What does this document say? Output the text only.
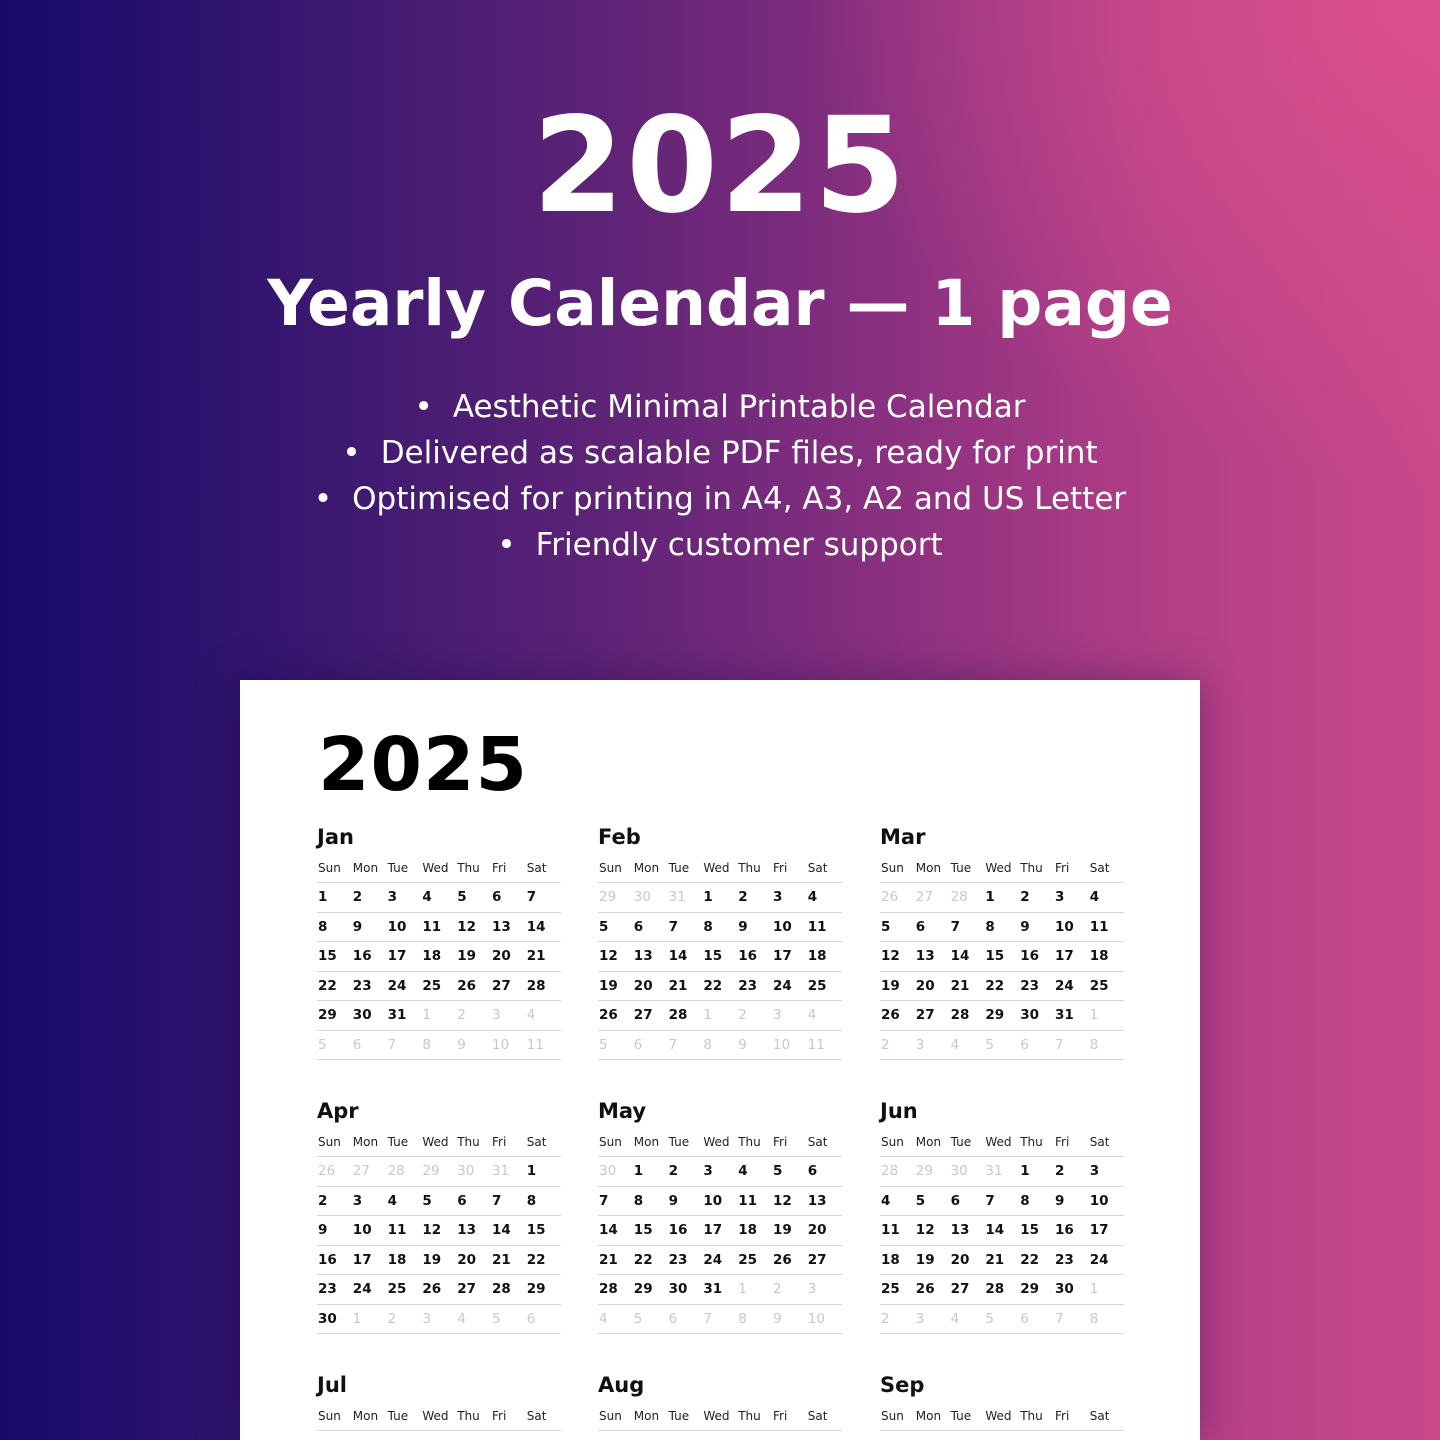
2025
Yearly Calendar — 1 page
• Aesthetic Minimal Printable Calendar
• Delivered as scalable PDF files, ready for print
• Optimised for printing in A4, A3, A2 and US Letter
• Friendly customer support
2025
Jan
Sun Mon Tue	Wed Thu	Fri	Sat
1	2	3	4	5	6	7
8	9	10	11	12	13	14
15	16	17	18	19	20	21
22	23	24	25	26	27	28
29	30	31	1	2	3	4
5	6	7	8	9	10	11
Feb
Sun Mon Tue	Wed Thu	Fri	Sat
29	30	31	1	2	3	4
5	6	7	8	9	10	11
12	13	14	15	16	17	18
19	20	21	22	23	24	25
26	27	28	1	2	3	4
5	6	7	8	9	10	11
Mar
Sun Mon Tue	Wed Thu	Fri	Sat
26	27	28	1	2	3	4
5	6	7	8	9	10	11
12	13	14	15	16	17	18
19	20	21	22	23	24	25
26	27	28	29	30	31	1
2	3	4	5	6	7	8
Apr
Sun Mon Tue	Wed Thu	Fri	Sat
26	27	28	29	30	31	1
2	3	4	5	6	7	8
9	10	11	12	13	14	15
16	17	18	19	20	21	22
23	24	25	26	27	28	29
30	1	2	3	4	5	6
May
Sun Mon Tue	Wed Thu	Fri	Sat
30	1	2	3	4	5	6
7	8	9	10	11	12	13
14	15	16	17	18	19	20
21	22	23	24	25	26	27
28	29	30	31	1	2	3
4	5	6	7	8	9	10
Jun
Sun Mon Tue	Wed Thu	Fri	Sat
28	29	30	31	1	2	3
4	5	6	7	8	9	10
11	12	13	14	15	16	17
18	19	20	21	22	23	24
25	26	27	28	29	30	1
2	3	4	5	6	7	8
Jul
Sun Mon Tue	Wed Thu	Fri	Sat
Aug
Sun Mon Tue	Wed Thu	Fri	Sat
Sep
Sun Mon Tue	Wed Thu	Fri	Sat
